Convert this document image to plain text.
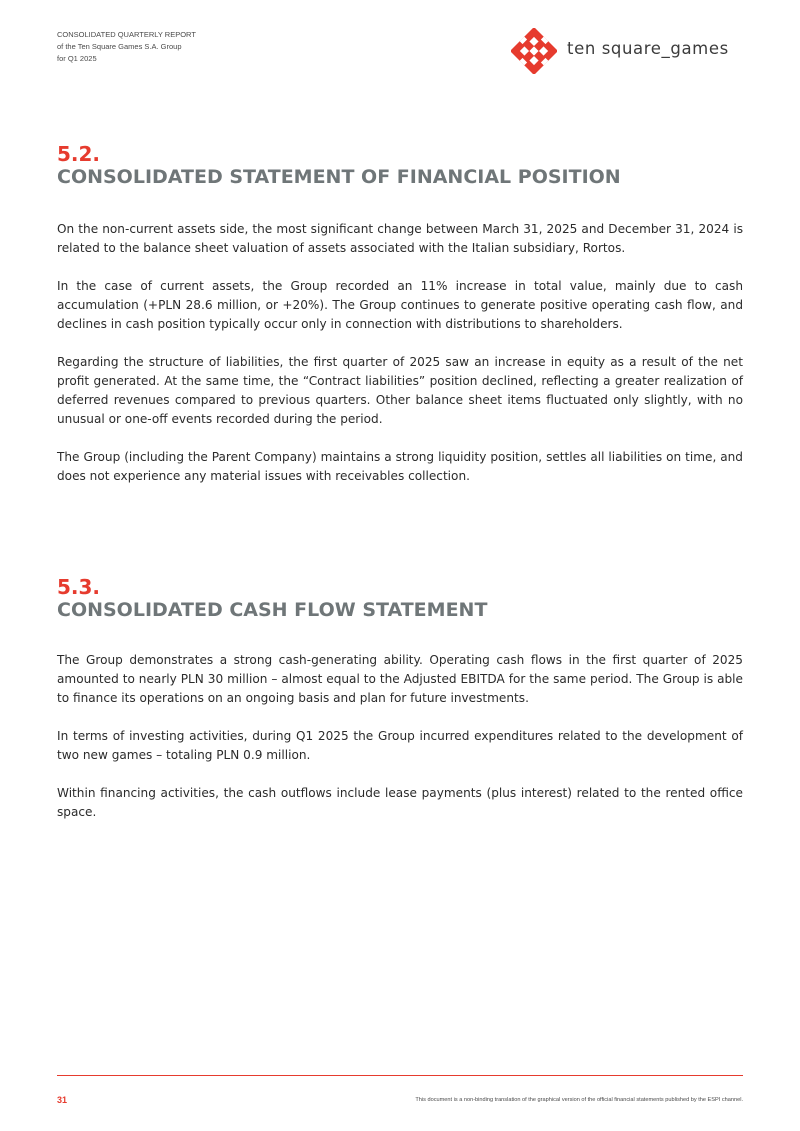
CONSOLIDATED QUARTERLY REPORT
of the Ten Square Games S.A. Group
for Q1 2025
ten square_games
5.2.
CONSOLIDATED STATEMENT OF FINANCIAL POSITION

On the non-current assets side, the most significant change between March 31, 2025 and December 31, 2024 is related to the balance sheet valuation of assets associated with the Italian subsidiary, Rortos.

In the case of current assets, the Group recorded an 11% increase in total value, mainly due to cash accumulation (+PLN 28.6 million, or +20%). The Group continues to generate positive operating cash flow, and declines in cash position typically occur only in connection with distributions to shareholders.

Regarding the structure of liabilities, the first quarter of 2025 saw an increase in equity as a result of the net profit generated. At the same time, the “Contract liabilities” position declined, reflecting a greater realization of deferred revenues compared to previous quarters. Other balance sheet items fluctuated only slightly, with no unusual or one-off events recorded during the period.

The Group (including the Parent Company) maintains a strong liquidity position, settles all liabilities on time, and does not experience any material issues with receivables collection.

5.3.
CONSOLIDATED CASH FLOW STATEMENT

The Group demonstrates a strong cash-generating ability. Operating cash flows in the first quarter of 2025 amounted to nearly PLN 30 million – almost equal to the Adjusted EBITDA for the same period. The Group is able to finance its operations on an ongoing basis and plan for future investments.

In terms of investing activities, during Q1 2025 the Group incurred expenditures related to the development of two new games – totaling PLN 0.9 million.

Within financing activities, the cash outflows include lease payments (plus interest) related to the rented office space.

31	This document is a non-binding translation of the graphical version of the official financial statements published by the ESPI channel.
